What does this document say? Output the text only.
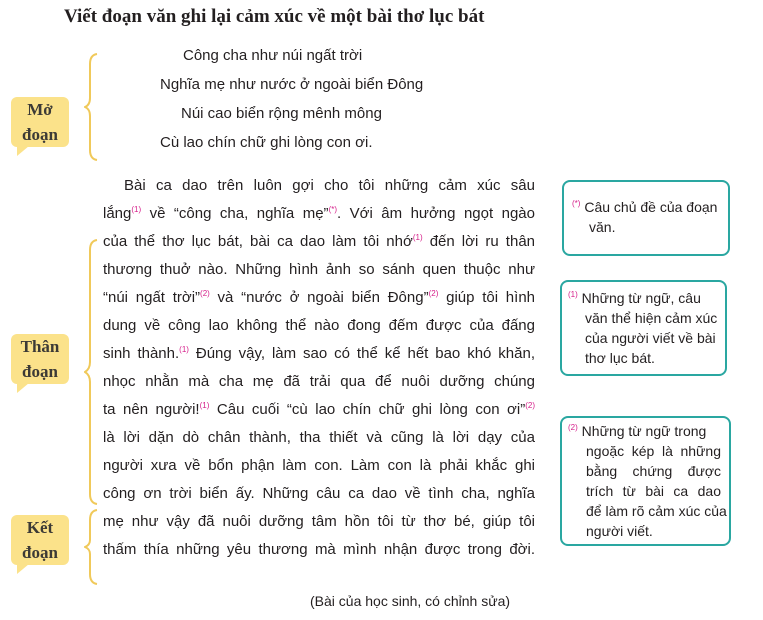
Viết đoạn văn ghi lại cảm xúc về một bài thơ lục bát
Công cha như núi ngất trời
Nghĩa mẹ như nước ở ngoài biển Đông
Núi cao biển rộng mênh mông
Cù lao chín chữ ghi lòng con ơi.
Mở
đoạn
Thân
đoạn
Kết
đoạn
Bài ca dao trên luôn gợi cho tôi những cảm xúc sâu
lắng$^{(1)}$ về “công cha, nghĩa mẹ”(*). Với âm hưởng ngọt ngào
của thể thơ lục bát, bài ca dao làm tôi nhớ$^{(1)}$ đến lời ru thân
thương thuở nào. Những hình ảnh so sánh quen thuộc như
“núi ngất trời”$^{(2)}$ và “nước ở ngoài biển Đông”$^{(2)}$ giúp tôi hình
dung về công lao không thể nào đong đếm được của đấng
sinh thành.$^{(1)}$ Đúng vậy, làm sao có thể kể hết bao khó khăn,
nhọc nhằn mà cha mẹ đã trải qua để nuôi dưỡng chúng
ta nên người!$^{(1)}$ Câu cuối “cù lao chín chữ ghi lòng con ơi”$^{(2)}$
là lời dặn dò chân thành, tha thiết và cũng là lời dạy của
người xưa về bổn phận làm con. Làm con là phải khắc ghi
công ơn trời biển ấy. Những câu ca dao về tình cha, nghĩa
mẹ như vậy đã nuôi dưỡng tâm hồn tôi từ thơ bé, giúp tôi
thấm thía những yêu thương mà mình nhận được trong đời.
(*) Câu chủ đề của đoạn
văn.
$^{(1)}$ Những từ ngữ, câu
văn thể hiện cảm xúc
của người viết về bài
thơ lục bát.
$^{(2)}$ Những từ ngữ trong
ngoặc kép là những
bằng chứng được
trích từ bài ca dao
để làm rõ cảm xúc của
người viết.
(Bài của học sinh, có chỉnh sửa)
